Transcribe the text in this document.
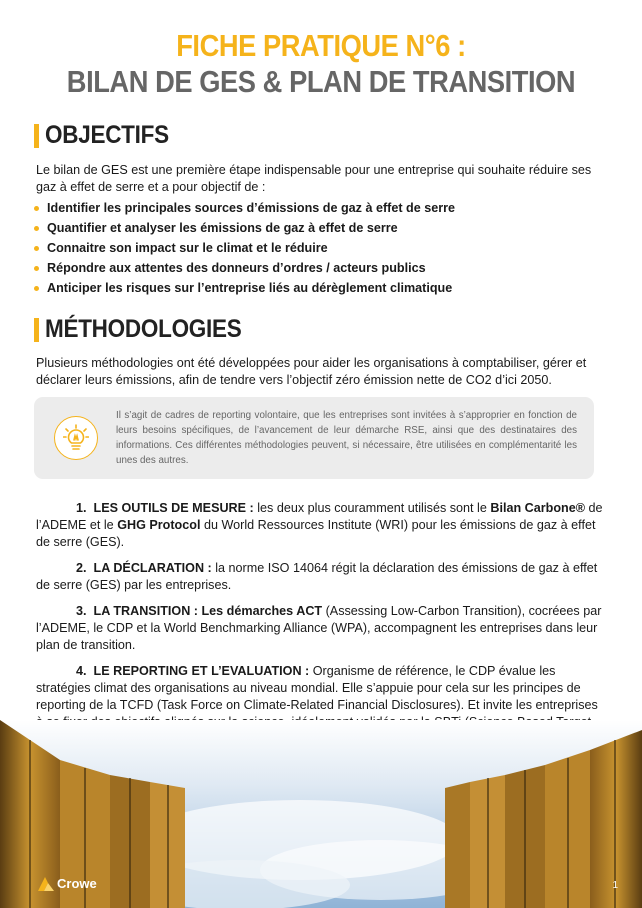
FICHE PRATIQUE N°6 :
BILAN DE GES & PLAN DE TRANSITION
OBJECTIFS

Le bilan de GES est une première étape indispensable pour une entreprise qui souhaite réduire ses gaz à effet de serre et a pour objectif de :

Identifier les principales sources d’émissions de gaz à effet de serre
Quantifier et analyser les émissions de gaz à effet de serre
Connaitre son impact sur le climat et le réduire
Répondre aux attentes des donneurs d’ordres / acteurs publics
Anticiper les risques sur l’entreprise liés au dérèglement climatique
MÉTHODOLOGIES

Plusieurs méthodologies ont été développées pour aider les organisations à comptabiliser, gérer et déclarer leurs émissions, afin de tendre vers l’objectif zéro émission nette de CO2 d’ici 2050.

Il s’agit de cadres de reporting volontaire, que les entreprises sont invitées à s’approprier en fonction de leurs besoins spécifiques, de l’avancement de leur démarche RSE, ainsi que des destinataires des informations. Ces différentes méthodologies peuvent, si nécessaire, être utilisées en complémentarité les unes des autres.

1. LES OUTILS DE MESURE : les deux plus couramment utilisés sont le Bilan Carbone® de l’ADEME et le GHG Protocol du World Ressources Institute (WRI) pour les émissions de gaz à effet de serre (GES).

2. LA DÉCLARATION : la norme ISO 14064 régit la déclaration des émissions de gaz à effet de serre (GES) par les entreprises.

3. LA TRANSITION : Les démarches ACT (Assessing Low-Carbon Transition), cocréees par l’ADEME, le CDP et la World Benchmarking Alliance (WPA), accompagnent les entreprises dans leur plan de transition.

4. LE REPORTING ET L’EVALUATION : Organisme de référence, le CDP évalue les stratégies climat des organisations au niveau mondial. Elle s’appuie pour cela sur les principes de reporting de la TCFD (Task Force on Climate-Related Financial Disclosures). Et invite les entreprises

Crowe	1
